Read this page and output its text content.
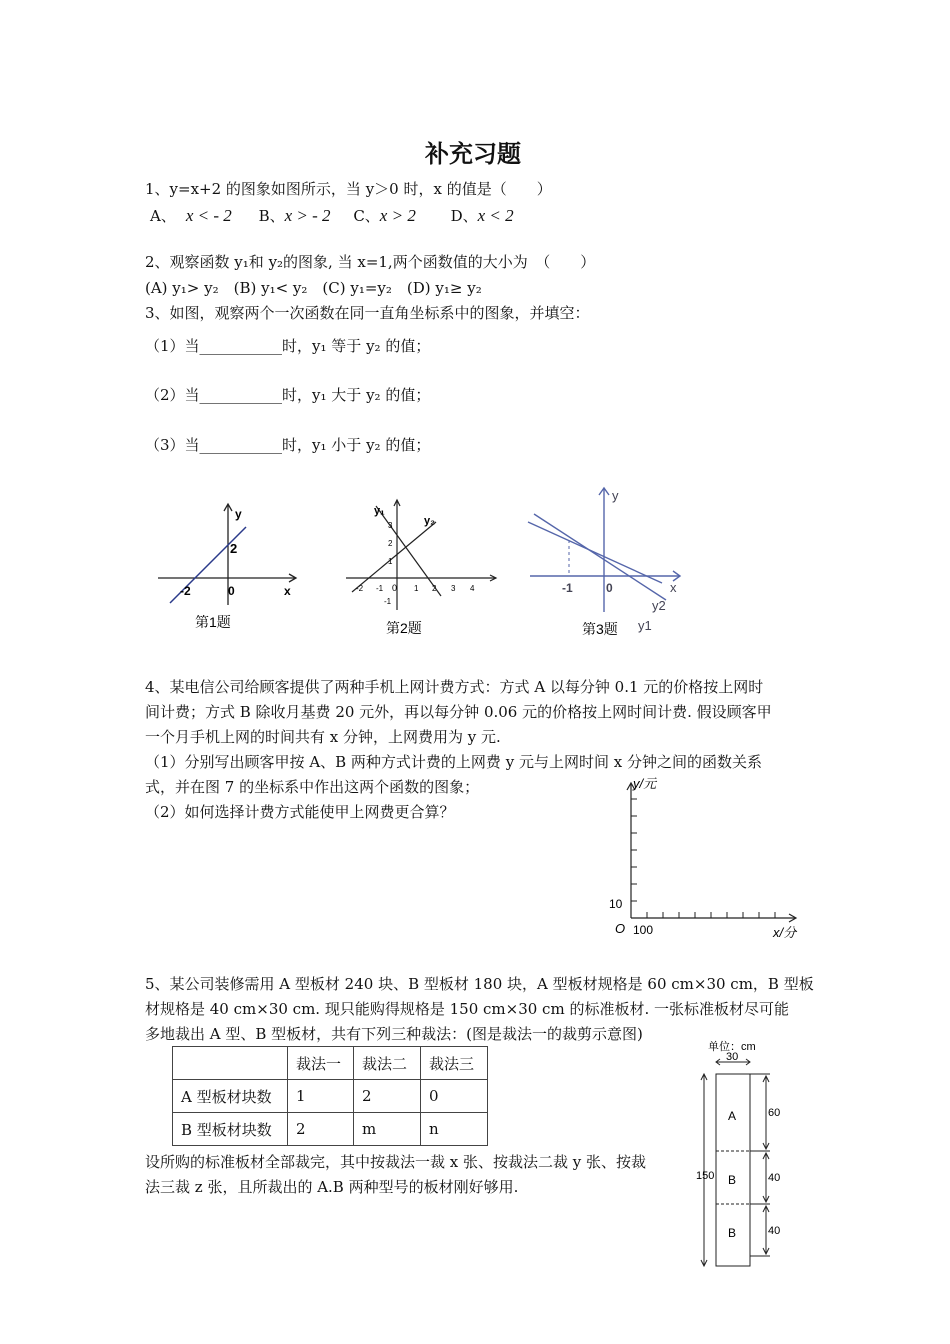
补充习题
1、y=x+2 的图象如图所示，当 y＞0 时，x 的值是（　　）
A、 x < - 2 B、x > - 2 C、x > 2 D、x < 2
2、观察函数 y₁和 y₂的图象, 当 x=1,两个函数值的大小为　（　　）
(A) y₁> y₂　(B) y₁< y₂　(C) y₁=y₂　(D) y₁≥ y₂
3、如图，观察两个一次函数在同一直角坐标系中的图象，并填空：
（1）当___________时，y₁ 等于 y₂ 的值；
（2）当___________时，y₁ 大于 y₂ 的值；
（3）当___________时，y₁ 小于 y₂ 的值；
y
x
0
-2
2
第1题
y₁
y₂
0
-2 -1	1 2 3 4
3
2
1
-1
第2题
y
x
-1	0
y2
y1
第3题
4、某电信公司给顾客提供了两种手机上网计费方式：方式 A 以每分钟 0.1 元的价格按上网时
间计费；方式 B 除收月基费 20 元外，再以每分钟 0.06 元的价格按上网时间计费. 假设顾客甲
一个月手机上网的时间共有 x 分钟，上网费用为 y 元.
（1）分别写出顾客甲按 A、B 两种方式计费的上网费 y 元与上网时间 x 分钟之间的函数关系
式，并在图 7 的坐标系中作出这两个函数的图象；
（2）如何选择计费方式能使甲上网费更合算？
y/元
x/分
O
10
100
5、某公司装修需用 A 型板材 240 块、B 型板材 180 块，A 型板材规格是 60 cm×30 cm，B 型板
材规格是 40 cm×30 cm. 现只能购得规格是 150 cm×30 cm 的标准板材. 一张标准板材尽可能
多地裁出 A 型、B 型板材，共有下列三种裁法：(图是裁法一的裁剪示意图)
	裁法一	裁法二	裁法三
A 型板材块数	1	2	0
B 型板材块数	2	m	n
设所购的标准板材全部裁完，其中按裁法一裁 x 张、按裁法二裁 y 张、按裁
法三裁 z 张，且所裁出的 A.B 两种型号的板材刚好够用.
单位：cm
30
A
B
B
150
60
40
40
